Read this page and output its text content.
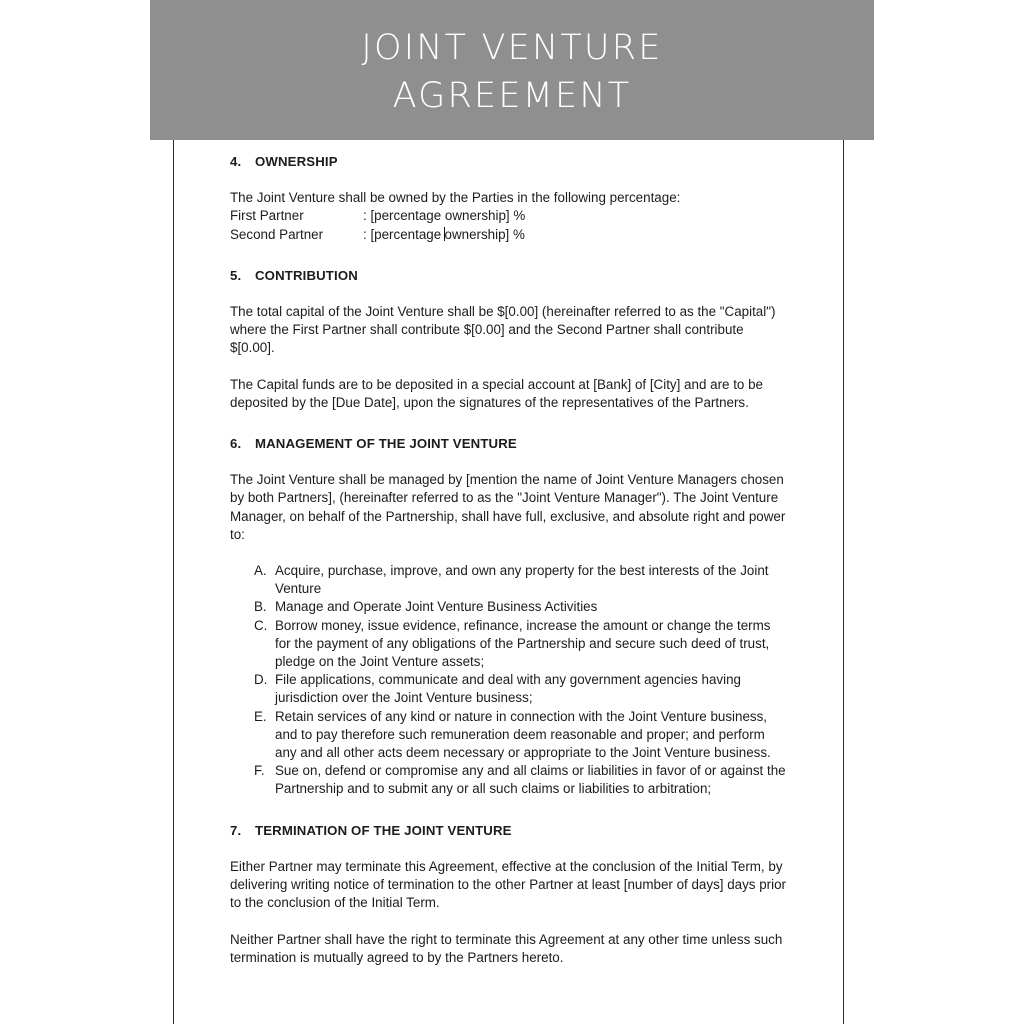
JOINT VENTURE
AGREEMENT
4.	OWNERSHIP

The Joint Venture shall be owned by the Parties in the following percentage:

First Partner	: [percentage ownership] %
Second Partner	: [percentage ownership] %
5.	CONTRIBUTION

The total capital of the Joint Venture shall be $[0.00] (hereinafter referred to as the "Capital") where the First Partner shall contribute $[0.00] and the Second Partner shall contribute $[0.00].

The Capital funds are to be deposited in a special account at [Bank] of [City] and are to be deposited by the [Due Date], upon the signatures of the representatives of the Partners.

6.	MANAGEMENT OF THE JOINT VENTURE

The Joint Venture shall be managed by [mention the name of Joint Venture Managers chosen by both Partners], (hereinafter referred to as the "Joint Venture Manager"). The Joint Venture Manager, on behalf of the Partnership, shall have full, exclusive, and absolute right and power to:

A. Acquire, purchase, improve, and own any property for the best interests of the Joint Venture
B. Manage and Operate Joint Venture Business Activities
C. Borrow money, issue evidence, refinance, increase the amount or change the terms for the payment of any obligations of the Partnership and secure such deed of trust, pledge on the Joint Venture assets;
D. File applications, communicate and deal with any government agencies having jurisdiction over the Joint Venture business;
E. Retain services of any kind or nature in connection with the Joint Venture business, and to pay therefore such remuneration deem reasonable and proper; and perform any and all other acts deem necessary or appropriate to the Joint Venture business.
F. Sue on, defend or compromise any and all claims or liabilities in favor of or against the Partnership and to submit any or all such claims or liabilities to arbitration;
7.	TERMINATION OF THE JOINT VENTURE

Either Partner may terminate this Agreement, effective at the conclusion of the Initial Term, by delivering writing notice of termination to the other Partner at least [number of days] days prior to the conclusion of the Initial Term.

Neither Partner shall have the right to terminate this Agreement at any other time unless such termination is mutually agreed to by the Partners hereto.
